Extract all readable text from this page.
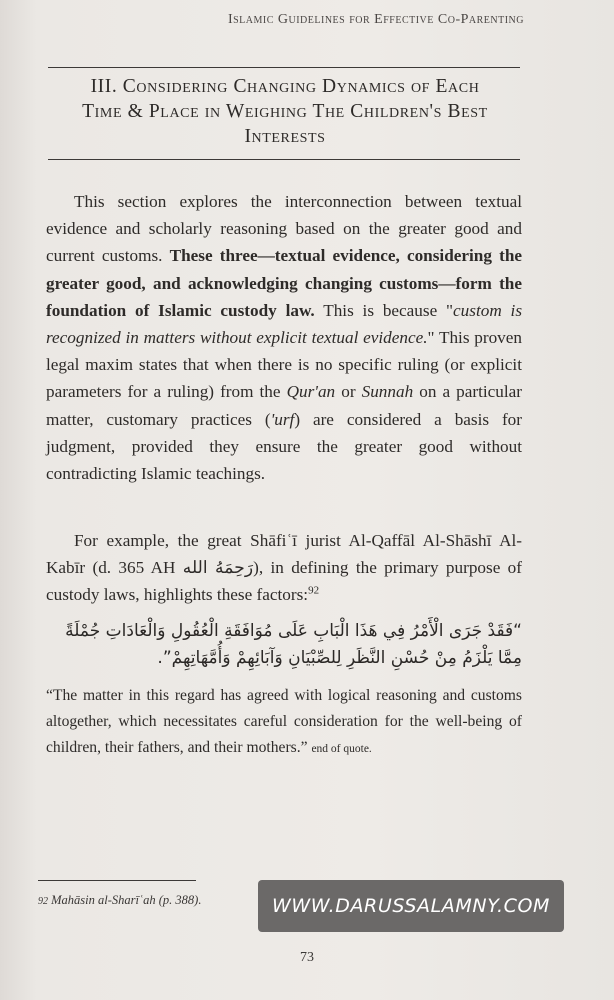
Islamic Guidelines for Effective Co-Parenting
III. Considering Changing Dynamics of Each
Time & Place in Weighing The Children's Best
Interests
This section explores the interconnection between textual evidence and scholarly reasoning based on the greater good and current customs. These three—textual evidence, considering the greater good, and acknowledging changing customs—form the foundation of Islamic custody law. This is because "custom is recognized in matters without explicit textual evidence." This proven legal maxim states that when there is no specific ruling (or explicit parameters for a ruling) from the Qur'an or Sunnah on a particular matter, customary practices ('urf) are considered a basis for judgment, provided they ensure the greater good without contradicting Islamic teachings.
For example, the great Shāfiʿī jurist Al-Qaffāl Al-Shāshī Al-Kabīr (d. 365 AH رَحِمَهُ الله), in defining the primary purpose of custody laws, highlights these factors:$^{92}$
“فَقَدْ جَرَى الْأَمْرُ فِي هَذَا الْبَابِ عَلَى مُوَافَقَةِ الْعُقُولِ وَالْعَادَاتِ جُمْلَةً مِمَّا يَلْزَمُ مِنْ حُسْنِ النَّظَرِ لِلصِّبْيَانِ وَآبَائِهِمْ وَأُمَّهَاتِهِمْ”.
“The matter in this regard has agreed with logical reasoning and customs altogether, which necessitates careful consideration for the well-being of children, their fathers, and their mothers.” end of quote.
92 Mahāsin al-Sharīʿah (p. 388).	WWW.DARUSSALAMNY.COM
73
